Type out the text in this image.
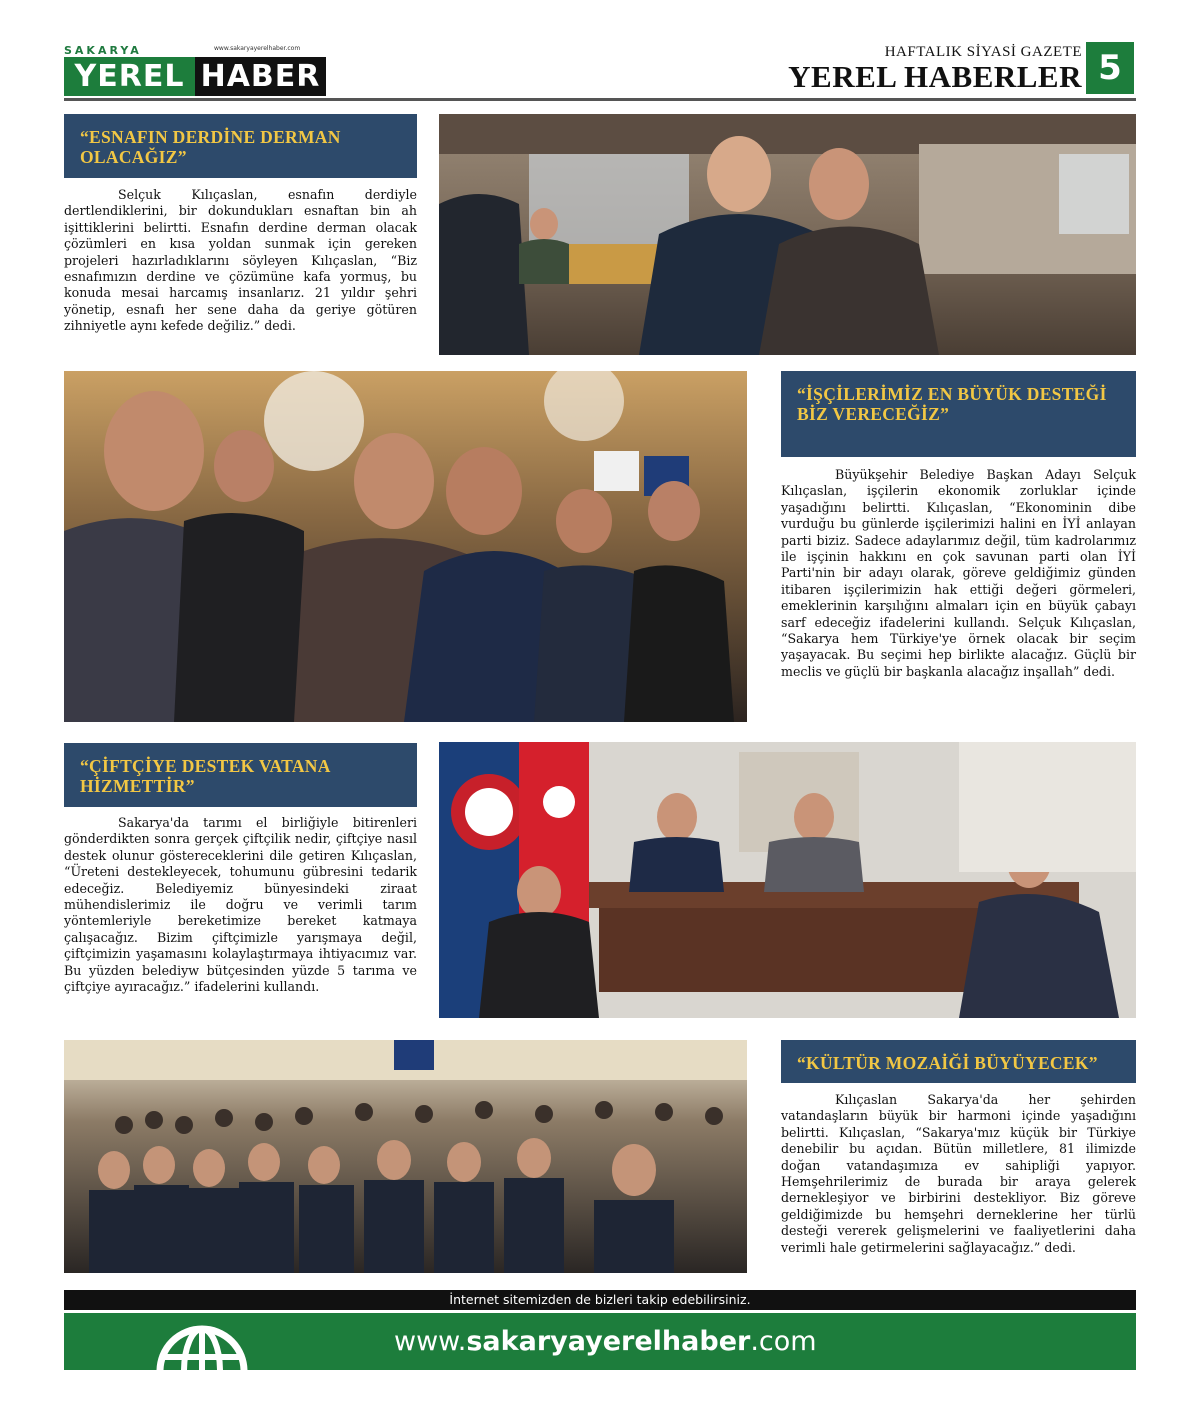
SAKARYA	www.sakaryayerelhaber.com
YEREL HABER
HAFTALIK SİYASİ GAZETE
YEREL HABERLER 5
“ESNAFIN DERDİNE DERMAN OLACAĞIZ”

Selçuk Kılıçaslan, esnafın derdiyle dertlendiklerini, bir dokundukları esnaftan bin ah işittiklerini belirtti. Esnafın derdine derman olacak çözümleri en kısa yoldan sunmak için gereken projeleri hazırladıklarını söyleyen Kılıçaslan, “Biz esnafımızın derdine ve çözümüne kafa yormuş, bu konuda mesai harcamış insanlarız. 21 yıldır şehri yönetip, esnafı her sene daha da geriye götüren zihniyetle aynı kefede değiliz.” dedi.

“İŞÇİLERİMİZ EN BÜYÜK DESTEĞİ BİZ VERECEĞİZ”

Büyükşehir Belediye Başkan Adayı Selçuk Kılıçaslan, işçilerin ekonomik zorluklar içinde yaşadığını belirtti. Kılıçaslan, “Ekonominin dibe vurduğu bu günlerde işçilerimizi halini en İYİ anlayan parti biziz. Sadece adaylarımız değil, tüm kadrolarımız ile işçinin hakkını en çok savunan parti olan İYİ Parti'nin bir adayı olarak, göreve geldiğimiz günden itibaren işçilerimizin hak ettiği değeri görmeleri, emeklerinin karşılığını almaları için en büyük çabayı sarf edeceğiz ifadelerini kullandı. Selçuk Kılıçaslan, “Sakarya hem Türkiye'ye örnek olacak bir seçim yaşayacak. Bu seçimi hep birlikte alacağız. Güçlü bir meclis ve güçlü bir başkanla alacağız inşallah” dedi.

“ÇİFTÇİYE DESTEK VATANA HİZMETTİR”

Sakarya'da tarımı el birliğiyle bitirenleri gönderdikten sonra gerçek çiftçilik nedir, çiftçiye nasıl destek olunur göstereceklerini dile getiren Kılıçaslan, “Üreteni destekleyecek, tohumunu gübresini tedarik edeceğiz. Belediyemiz bünyesindeki ziraat mühendislerimiz ile doğru ve verimli tarım yöntemleriyle bereketimize bereket katmaya çalışacağız. Bizim çiftçimizle yarışmaya değil, çiftçimizin yaşamasını kolaylaştırmaya ihtiyacımız var. Bu yüzden belediyw bütçesinden yüzde 5 tarıma ve çiftçiye ayıracağız.” ifadelerini kullandı.

“KÜLTÜR MOZAİĞİ BÜYÜYECEK”

Kılıçaslan Sakarya'da her şehirden vatandaşların büyük bir harmoni içinde yaşadığını belirtti. Kılıçaslan, “Sakarya'mız küçük bir Türkiye denebilir bu açıdan. Bütün milletlere, 81 ilimizde doğan vatandaşımıza ev sahipliği yapıyor. Hemşehrilerimiz de burada bir araya gelerek dernekleşiyor ve birbirini destekliyor. Biz göreve geldiğimizde bu hemşehri derneklerine her türlü desteği vererek gelişmelerini ve faaliyetlerini daha verimli hale getirmelerini sağlayacağız.” dedi.

İnternet sitemizden de bizleri takip edebilirsiniz.
www.sakaryayerelhaber.com
